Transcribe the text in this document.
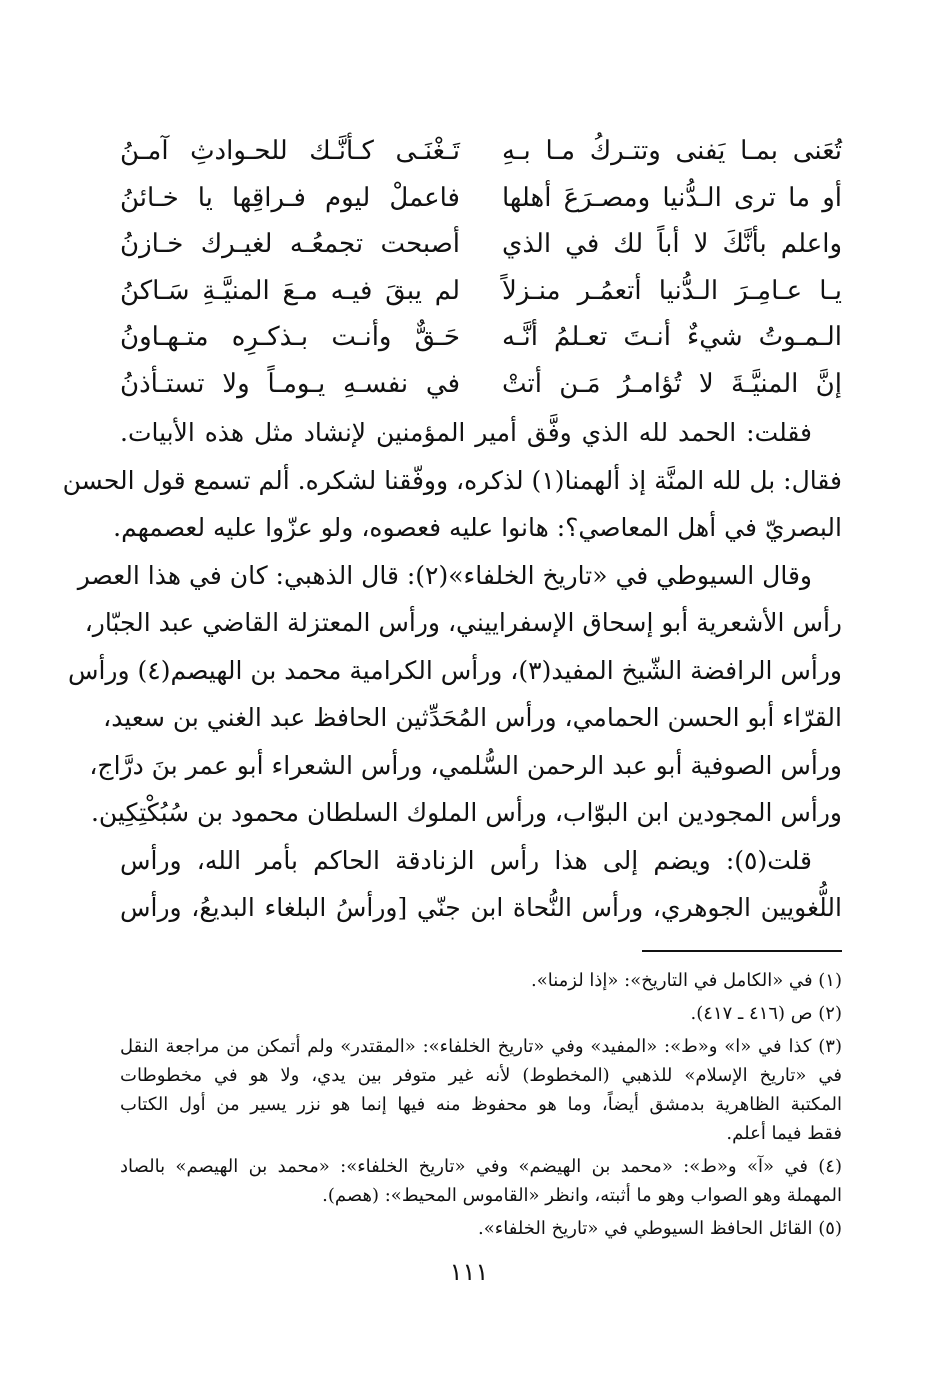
تُعَنى بمـا يَفنى وتتـركُ مـا بـهِ
تَـغْنَـى كـأنَّـك للحـوادثِ آمـنُ
أو ما ترى الـدُّنيا ومصـرَعَ أهلها
فاعملْ ليوم فـراقِها يا خـائنُ
واعلم بأنَّكَ لا أباً لك في الذي
أصبحت تجمعُـه لغيـرك خـازنُ
يـا عـامِـرَ الـدُّنيا أتعمُـر منـزلاً
لم يبقَ فيـه مـعَ المنيَّـةِ سَـاكنُ
الـمـوتُ شيءٌ أنـتَ تعـلمُ أنَّـه
حَـقٌّ وأنـت بـذكـرِه متـهـاونُ
إنَّ المنيَّـةَ لا تُؤامـرُ مَـن أتتْ
في نفسـهِ يـومـاً ولا تستـأذنُ
فقلت: الحمد لله الذي وفَّق أمير المؤمنين لإنشاد مثل هذه الأبيات.
فقال: بل لله المنَّة إذ ألهمنا(١) لذكره، ووفّقنا لشكره. ألم تسمع قول الحسن
البصريّ في أهل المعاصي؟: هانوا عليه فعصوه، ولو عزّوا عليه لعصمهم.
وقال السيوطي في «تاريخ الخلفاء»(٢): قال الذهبي: كان في هذا العصر
رأس الأشعرية أبو إسحاق الإسفراييني، ورأس المعتزلة القاضي عبد الجبّار،
ورأس الرافضة الشّيخ المفيد(٣)، ورأس الكرامية محمد بن الهيصم(٤) ورأس
القرّاء أبو الحسن الحمامي، ورأس المُحَدِّثين الحافظ عبد الغني بن سعيد،
ورأس الصوفية أبو عبد الرحمن السُّلمي، ورأس الشعراء أبو عمر بنَ درَّاج،
ورأس المجودين ابن البوّاب، ورأس الملوك السلطان محمود بن سُبُكْتِكِين.
قلت(٥): ويضم إلى هذا رأس الزنادقة الحاكم بأمر الله، ورأس
اللُّغويين الجوهري، ورأس النُّحاة ابن جنّي [ورأسُ البلغاء البديعُ، ورأس
(١) في «الكامل في التاريخ»: «إذا لزمنا».
(٢) ص (٤١٦ ـ ٤١٧).
(٣) كذا في «ا» و«ط»: «المفيد» وفي «تاريخ الخلفاء»: «المقتدر» ولم أتمكن من مراجعة النقل
في «تاريخ الإسلام» للذهبي (المخطوط) لأنه غير متوفر بين يدي، ولا هو في مخطوطات
المكتبة الظاهرية بدمشق أيضاً، وما هو محفوظ منه فيها إنما هو نزر يسير من أول الكتاب
فقط فيما أعلم.
(٤) في «آ» و«ط»: «محمد بن الهيضم» وفي «تاريخ الخلفاء»: «محمد بن الهيصم» بالصاد
المهملة وهو الصواب وهو ما أثبته، وانظر «القاموس المحيط»: (هصم).
(٥) القائل الحافظ السيوطي في «تاريخ الخلفاء».
١١١
